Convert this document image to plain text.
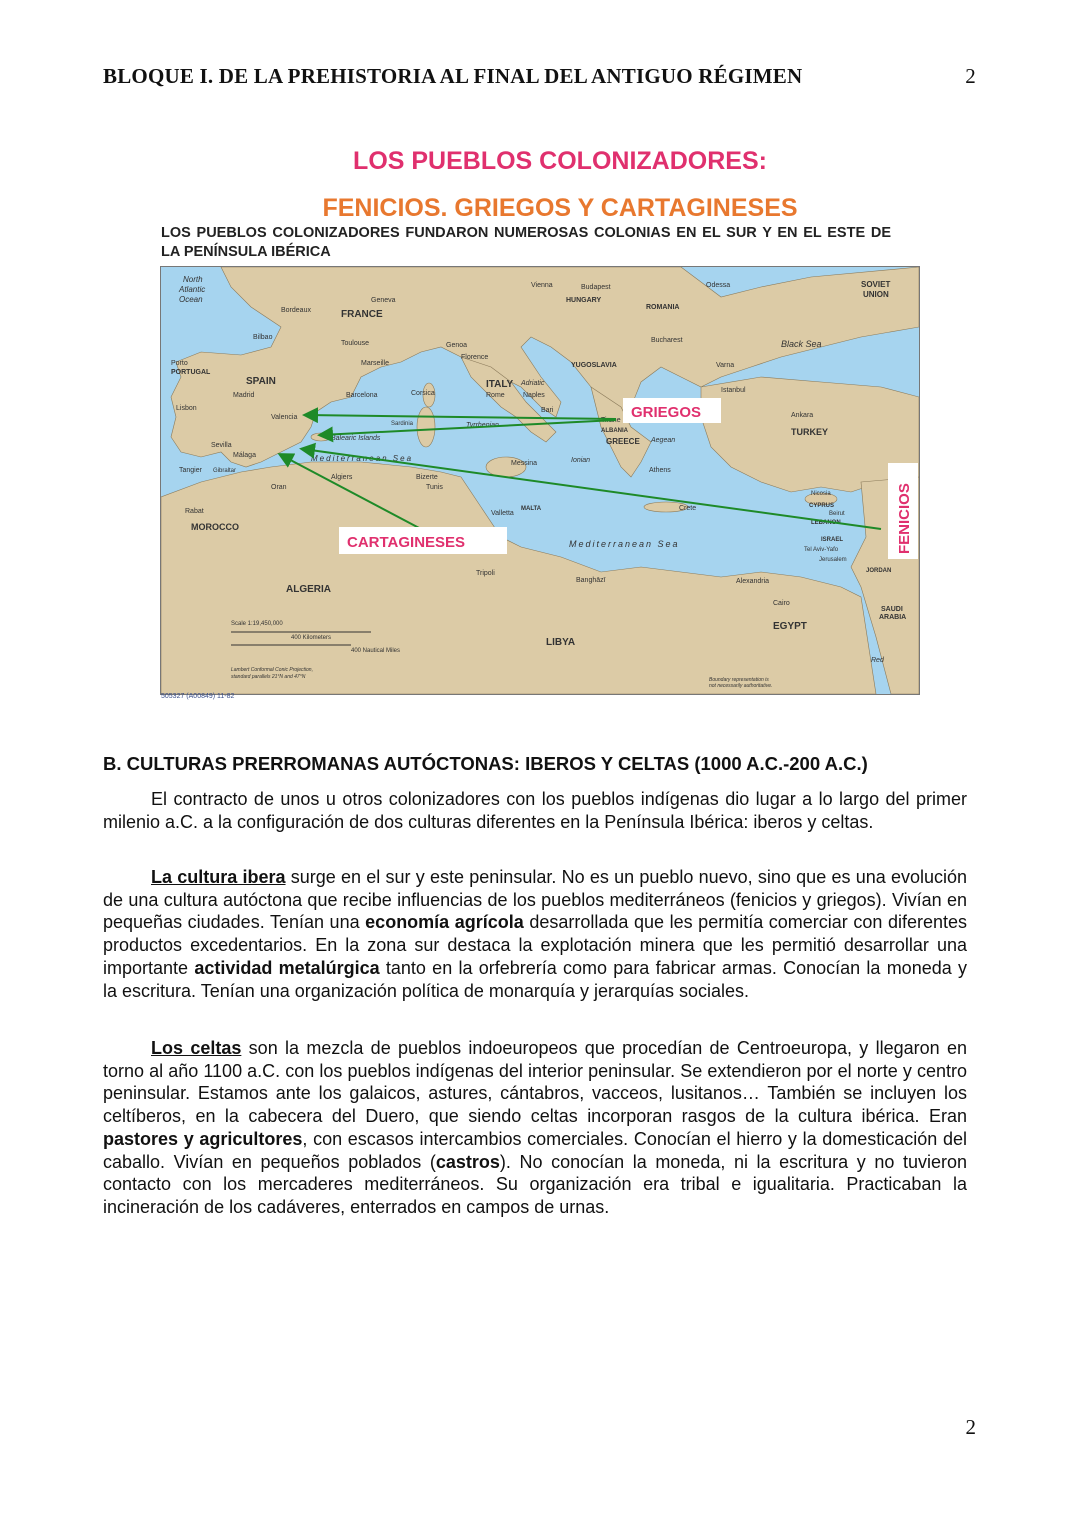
BLOQUE I. DE LA PREHISTORIA AL FINAL DEL ANTIGUO RÉGIMEN	2
LOS PUEBLOS COLONIZADORES:
FENICIOS. GRIEGOS Y CARTAGINESES
LOS PUEBLOS COLONIZADORES FUNDARON NUMEROSAS COLONIAS EN EL SUR Y EN EL ESTE DE LA PENÍNSULA IBÉRICA
North
Atlantic
Ocean
FRANCE
SPAIN
PORTUGAL
Porto
Lisbon
Madrid
Valencia
Sevilla
Málaga
Tangier Gibraltar
Rabat
MOROCCO
Oran
Algiers
ALGERIA
Bordeaux
Bilbao
Toulouse
Geneva
Marseille
Barcelona	Corsica
Sardinia
Balearic Islands
Genoa
Florence
ITALY
Rome	Naples
Adriatic
Bari
Tyrrhenian
Ionian
Messina
Bizerte
Tunis
Valletta
MALTA
Tripoli
Banghāzī
LIBYA
Mediterranean Sea
Mediterranean Sea
Vienna	Budapest
HUNGARY
ROMANIA
Bucharest
YUGOSLAVIA
Odessa	SOVIET
UNION
Black Sea
Varna
Istanbul
Ankara
TURKEY
Tirane
ALBANIA
GREECE
Athens
Aegean
Crete
Nicosia
CYPRUS
Beirut
LEBANON
ISRAEL
Tel Aviv-Yafo
Jerusalem
JORDAN
Alexandria
Cairo
EGYPT
SAUDI
ARABIA
Red
Scale 1:19,450,000
400 Kilometers
400 Nautical Miles
Lambert Conformal Conic Projection,
standard parallels 21°N and 47°N	Boundary representation is
not necessarily authoritative.
GRIEGOS
CARTAGINESES	FENICIOS
505327 (A00849) 11-82
B. CULTURAS PRERROMANAS AUTÓCTONAS: IBEROS Y CELTAS (1000 A.C.-200 A.C.)

El contracto de unos u otros colonizadores con los pueblos indígenas dio lugar a lo largo del primer milenio a.C. a la configuración de dos culturas diferentes en la Península Ibérica: iberos y celtas.

La cultura ibera surge en el sur y este peninsular. No es un pueblo nuevo, sino que es una evolución de una cultura autóctona que recibe influencias de los pueblos mediterráneos (fenicios y griegos). Vivían en pequeñas ciudades. Tenían una economía agrícola desarrollada que les permitía comerciar con diferentes productos excedentarios. En la zona sur destaca la explotación minera que les permitió desarrollar una importante actividad metalúrgica tanto en la orfebrería como para fabricar armas. Conocían la moneda y la escritura. Tenían una organización política de monarquía y jerarquías sociales.

Los celtas son la mezcla de pueblos indoeuropeos que procedían de Centroeuropa, y llegaron en torno al año 1100 a.C. con los pueblos indígenas del interior peninsular. Se extendieron por el norte y centro peninsular. Estamos ante los galaicos, astures, cántabros, vacceos, lusitanos… También se incluyen los celtíberos, en la cabecera del Duero, que siendo celtas incorporan rasgos de la cultura ibérica. Eran pastores y agricultores, con escasos intercambios comerciales. Conocían el hierro y la domesticación del caballo. Vivían en pequeños poblados (castros). No conocían la moneda, ni la escritura y no tuvieron contacto con los mercaderes mediterráneos. Su organización era tribal e igualitaria. Practicaban la incineración de los cadáveres, enterrados en campos de urnas.

2
